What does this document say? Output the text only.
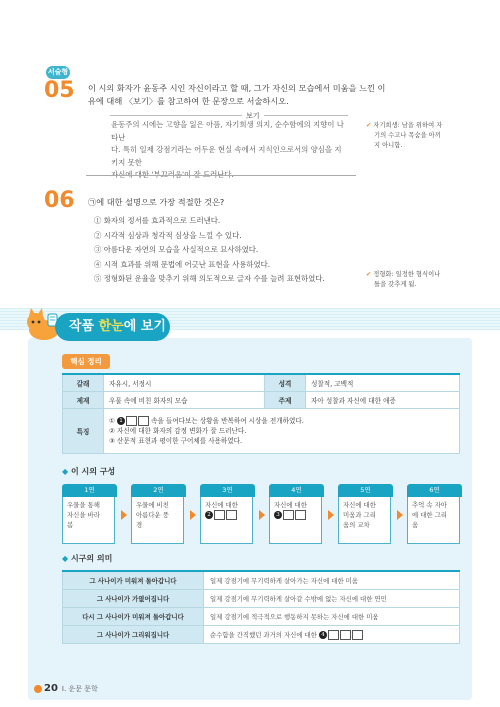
서술형
05 이 시의 화자가 윤동주 시인 자신이라고 할 때, 그가 자신의 모습에서 미움을 느낀 이
유에 대해 〈보기〉를 참고하여 한 문장으로 서술하시오.
보기
윤동주의 시에는 고향을 잃은 아픔, 자기희생 의지, 순수함에의 지향이 나타난
다. 특히 일제 강점기라는 어두운 현실 속에서 지식인으로서의 양심을 지키지 못한
✔ 자기희생: 남을 위하여 자
기의 수고나 목숨을 아끼
지 아니함.
06 ㉠에 대한 설명으로 가장 적절한 것은?
① 화자의 정서를 효과적으로 드러낸다.
② 시각적 심상과 청각적 심상을 느낄 수 있다.
③ 아름다운 자연의 모습을 사실적으로 묘사하였다.
④ 시적 효과를 위해 문법에 어긋난 표현을 사용하였다.
⑤ 정형화된 운율을 맞추기 위해 의도적으로 글자 수를 늘려 표현하였다.	✔ 정형화: 일정한 형식이나
틀을 갖추게 됨.
작품 한눈에 보기
핵심 정리
갈래	자유시, 서정시	성격	성찰적, 고백적
제재	우물 속에 비친 화자의 모습	주제	자아 성찰과 자신에 대한 애증
특징	① 1 속을 들여다보는 상황을 반복하여 시상을 전개하였다.
② 자신에 대한 화자의 감정 변화가 잘 드러난다.
③ 산문적 표현과 평이한 구어체를 사용하였다.		
◆ 이 시의 구성
1연
우물을 통해
자신을 바라
봄
2연
우물에 비친
아름다운 풍
경
3연
자신에 대한
2
4연
자신에 대한
3
5연
자신에 대한
미움과 그리
움의 교차
6연
추억 속 자아
에 대한 그리
움
◆ 시구의 의미
그 사나이가 미워져 돌아갑니다	일제 강점기에 무기력하게 살아가는 자신에 대한 미움
그 사나이가 가엾어집니다	일제 강점기에 무기력하게 살아갈 수밖에 없는 자신에 대한 연민
다시 그 사나이가 미워져 돌아갑니다	일제 강점기에 적극적으로 행동하지 못하는 자신에 대한 미움
그 사나이가 그리워집니다	순수함을 간직했던 과거의 자신에 대한 4
20 Ⅰ. 운문 문학
